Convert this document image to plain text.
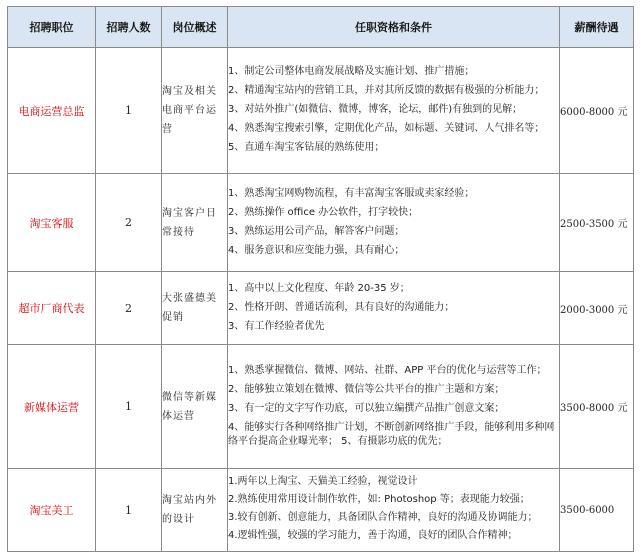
招聘职位	招聘人数	岗位概述	任职资格和条件	薪酬待遇
电商运营总监	1	淘宝及相关电商平台运营	1、制定公司整体电商发展战略及实施计划、推广措施；
2、精通淘宝站内的营销工具，并对其所反馈的数据有极强的分析能力；
3、对站外推广(如微信、微博，博客，论坛，邮件)有独到的见解；
4、熟悉淘宝搜索引擎，定期优化产品，如标题、关键词、人气排名等；
5、直通车淘宝客钻展的熟练使用；	6000-8000 元
淘宝客服	2	淘宝客户日常接待	1、熟悉淘宝网购物流程，有丰富淘宝客服或卖家经验；
2、熟练操作 office 办公软件，打字较快；
3、熟练运用公司产品，解答客户问题；
4、服务意识和应变能力强，具有耐心；	2500-3500 元
超市厂商代表	2	大张盛德美促销	1、高中以上文化程度、年龄 20-35 岁；
2、性格开朗、普通话流利，具有良好的沟通能力；
3、有工作经验者优先	2000-3000 元
新媒体运营	1	微信等新媒体运营	1、熟悉掌握微信、微博、网站、社群、APP 平台的优化与运营等工作；
2、能够独立策划在微博、微信等公共平台的推广主题和方案；
3、有一定的文字写作功底，可以独立编撰产品推广创意文案；
4、能够实行各种网络推广计划，不断创新网络推广手段，能够利用多种网络平台提高企业曝光率； 5、有摄影功底的优先；	3500-8000 元
淘宝美工	1	淘宝站内外的设计	1.两年以上淘宝、天猫美工经验，视觉设计
2.熟练使用常用设计制作软件，如: Photoshop 等；表现能力较强；
3.较有创新、创意能力，具备团队合作精神，良好的沟通及协调能力；
4.逻辑性强，较强的学习能力，善于沟通，良好的团队合作精神；	3500-6000
